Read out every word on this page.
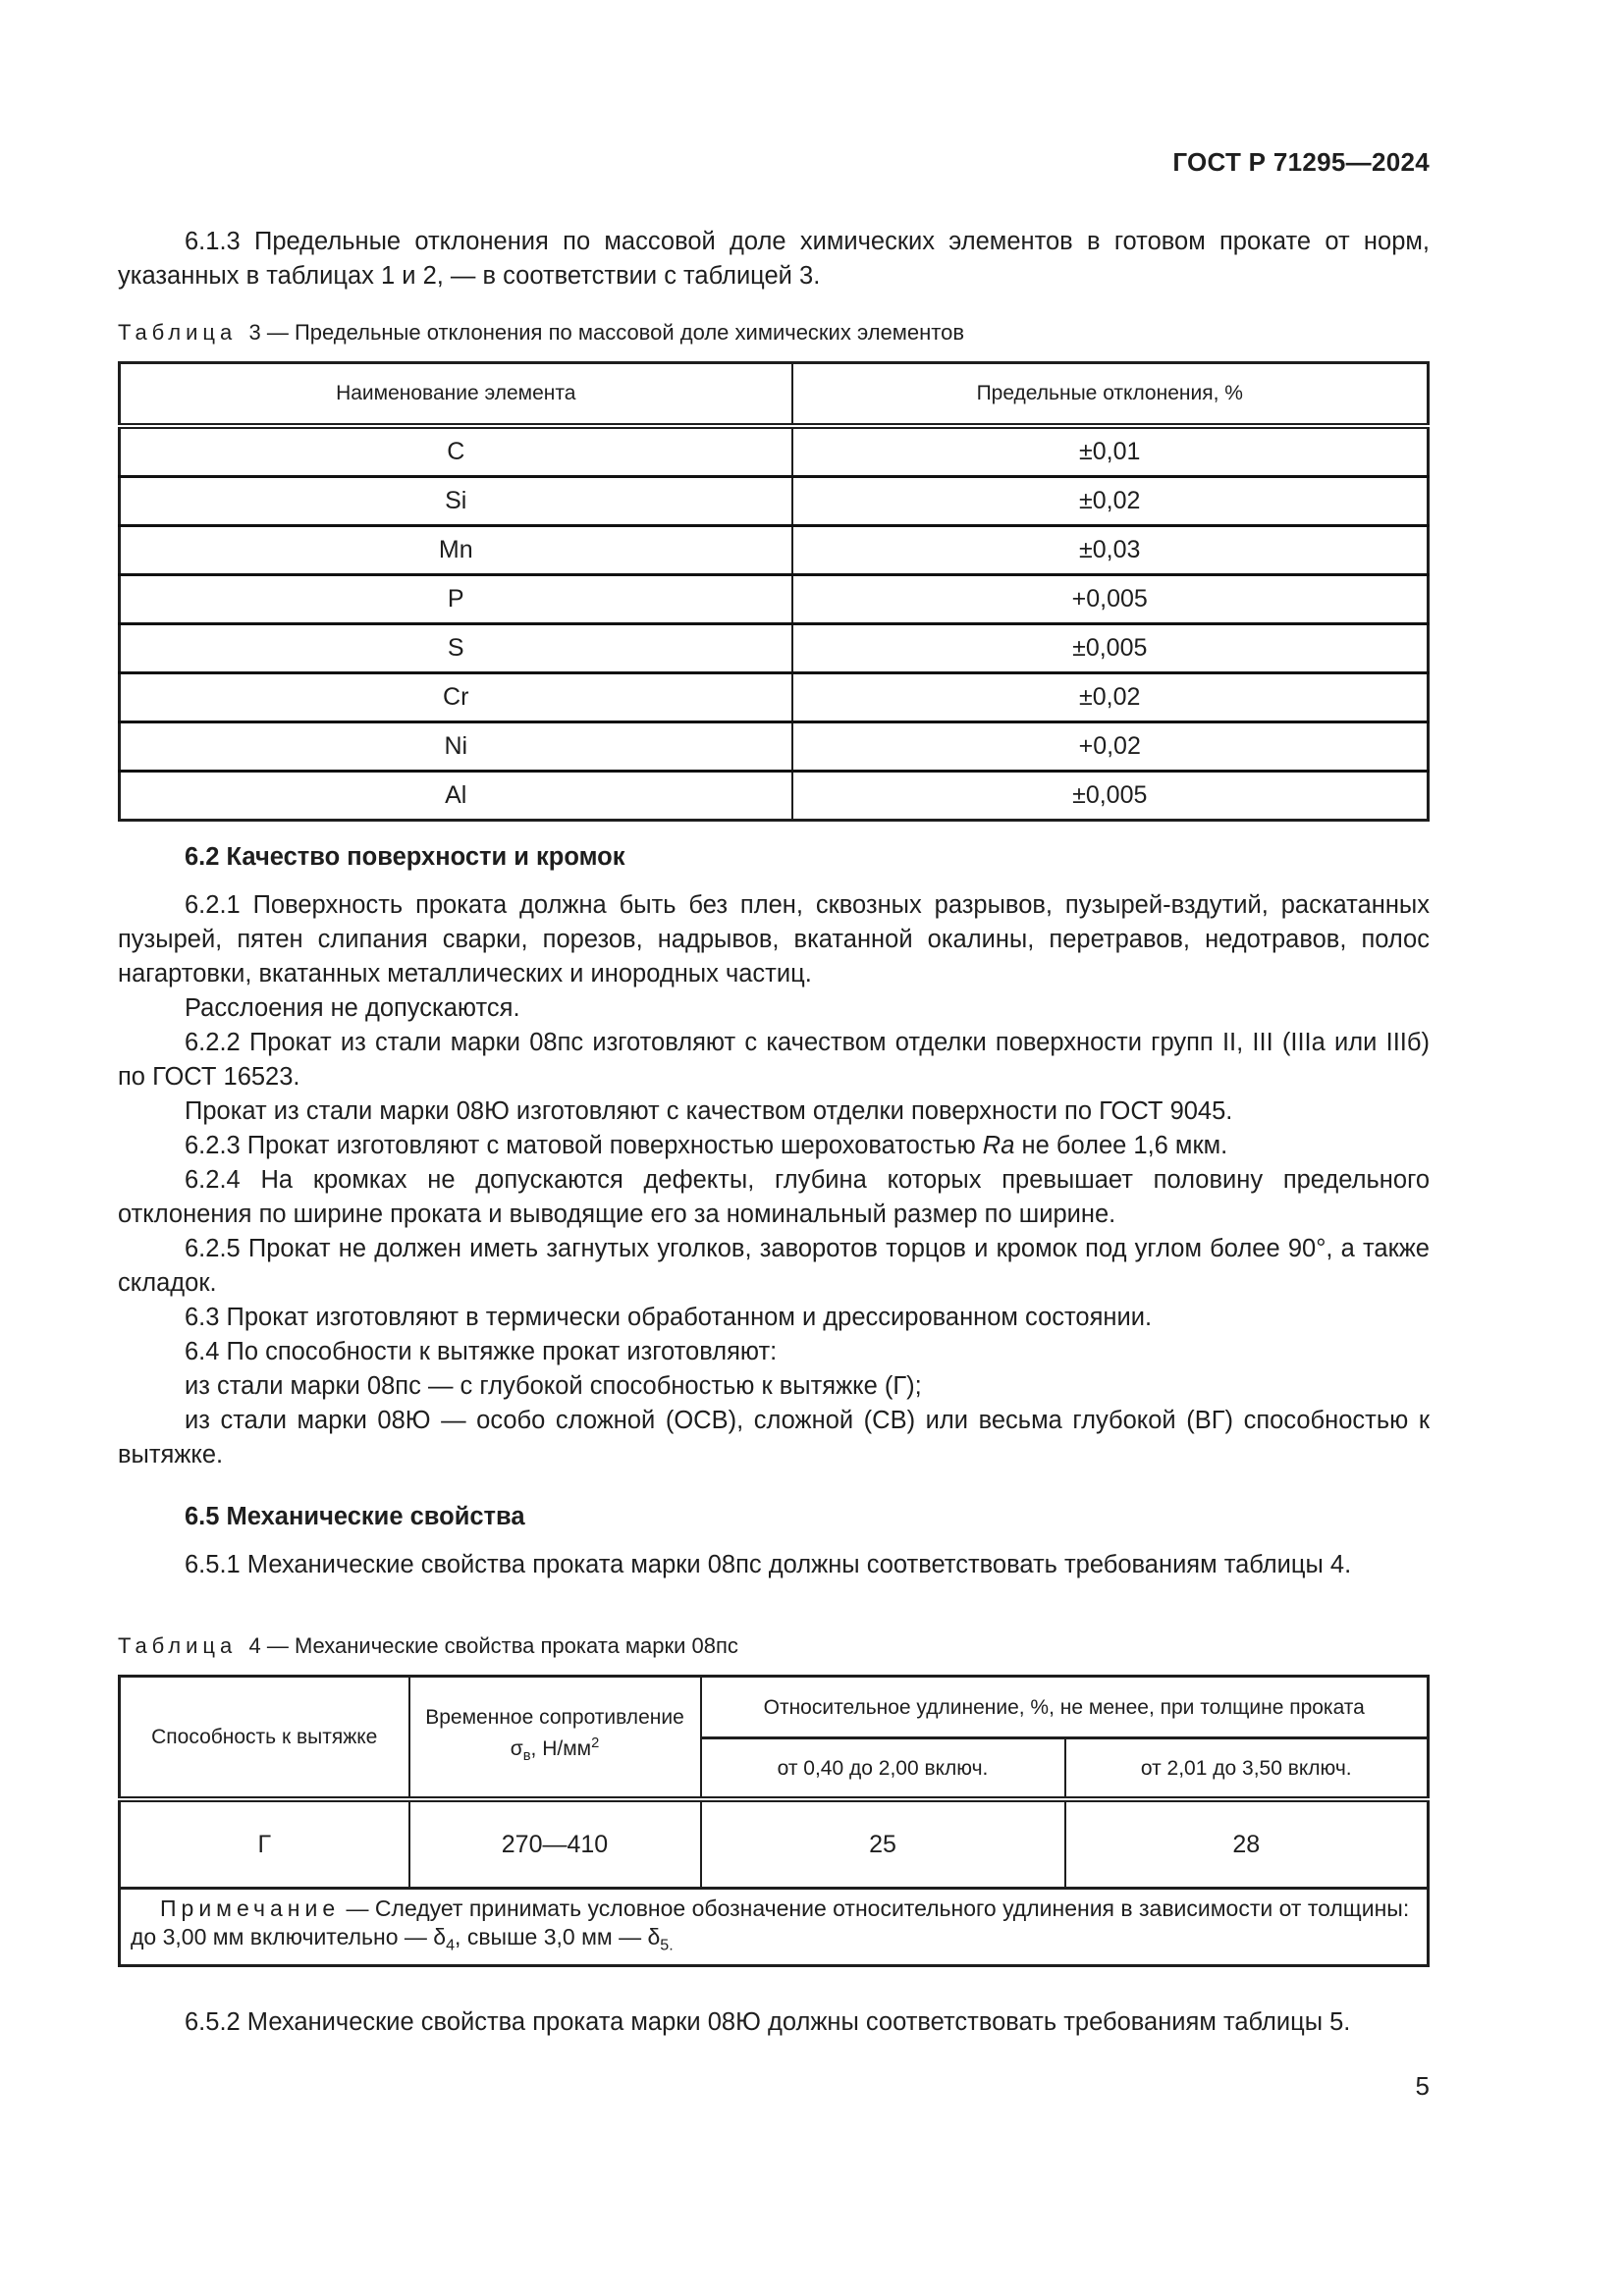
ГОСТ Р 71295—2024

6.1.3 Предельные отклонения по массовой доле химических элементов в готовом прокате от норм, указанных в таблицах 1 и 2, — в соответствии с таблицей 3.

Таблица 3 — Предельные отклонения по массовой доле химических элементов
Наименование элемента	Предельные отклонения, %
C	±0,01
Si	±0,02
Mn	±0,03
P	+0,005
S	±0,005
Cr	±0,02
Ni	+0,02
Al	±0,005

6.2 Качество поверхности и кромок

6.2.1 Поверхность проката должна быть без плен, сквозных разрывов, пузырей-вздутий, раскатанных пузырей, пятен слипания сварки, порезов, надрывов, вкатанной окалины, перетравов, недотравов, полос нагартовки, вкатанных металлических и инородных частиц.

Расслоения не допускаются.

6.2.2 Прокат из стали марки 08пс изготовляют с качеством отделки поверхности групп II, III (IIIa или IIIб) по ГОСТ 16523.

Прокат из стали марки 08Ю изготовляют с качеством отделки поверхности по ГОСТ 9045.

6.2.3 Прокат изготовляют с матовой поверхностью шероховатостью Ra не более 1,6 мкм.

6.2.4 На кромках не допускаются дефекты, глубина которых превышает половину предельного отклонения по ширине проката и выводящие его за номинальный размер по ширине.

6.2.5 Прокат не должен иметь загнутых уголков, заворотов торцов и кромок под углом более 90°, а также складок.

6.3 Прокат изготовляют в термически обработанном и дрессированном состоянии.

6.4 По способности к вытяжке прокат изготовляют:

из стали марки 08пс — с глубокой способностью к вытяжке (Г);

из стали марки 08Ю — особо сложной (ОСВ), сложной (СВ) или весьма глубокой (ВГ) способностью к вытяжке.

6.5 Механические свойства

6.5.1 Механические свойства проката марки 08пс должны соответствовать требованиям таблицы 4.

Таблица 4 — Механические свойства проката марки 08пс
Способность к вытяжке	Временное сопротивление $\sigma_в$, $Н/мм^2$	Относительное удлинение, %, не менее, при толщине проката	
		от 0,40 до 2,00 включ.	от 2,01 до 3,50 включ.
Г	270—410	25	28
Примечание — Следует принимать условное обозначение относительного удлинения в зависимости от толщины: до 3,00 мм включительно — $\delta_4$, свыше 3,0 мм — $\delta_{5.}$

6.5.2 Механические свойства проката марки 08Ю должны соответствовать требованиям таблицы 5.

5
